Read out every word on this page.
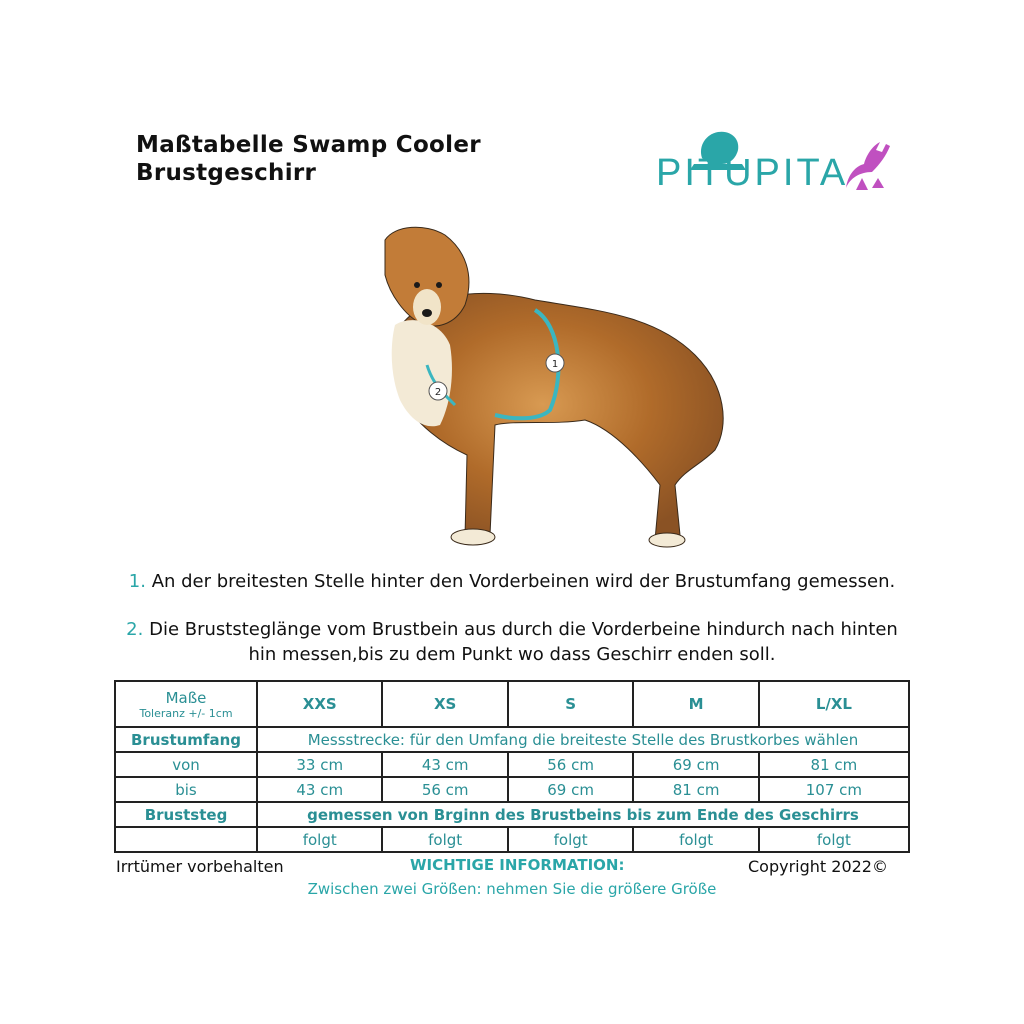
Maßtabelle Swamp Cooler
Brustgeschirr	PITUPITA
1
2
1. An der breitesten Stelle hinter den Vorderbeinen wird der Brustumfang gemessen.
2. Die Bruststeglänge vom Brustbein aus durch die Vorderbeine hindurch nach hinten
hin messen,bis zu dem Punkt wo dass Geschirr enden soll.
Maße
Toleranz +/- 1cm	XXS	XS	S	M	L/XL
Brustumfang	Messstrecke: für den Umfang die breiteste Stelle des Brustkorbes wählen				
von	33 cm	43 cm	56 cm	69 cm	81 cm
bis	43 cm	56 cm	69 cm	81 cm	107 cm
Bruststeg	gemessen von Brginn des Brustbeins bis zum Ende des Geschirrs				
	folgt	folgt	folgt	folgt	folgt
Irrtümer vorbehalten	WICHTIGE INFORMATION:	Copyright 2022©
Zwischen zwei Größen: nehmen Sie die größere Größe
